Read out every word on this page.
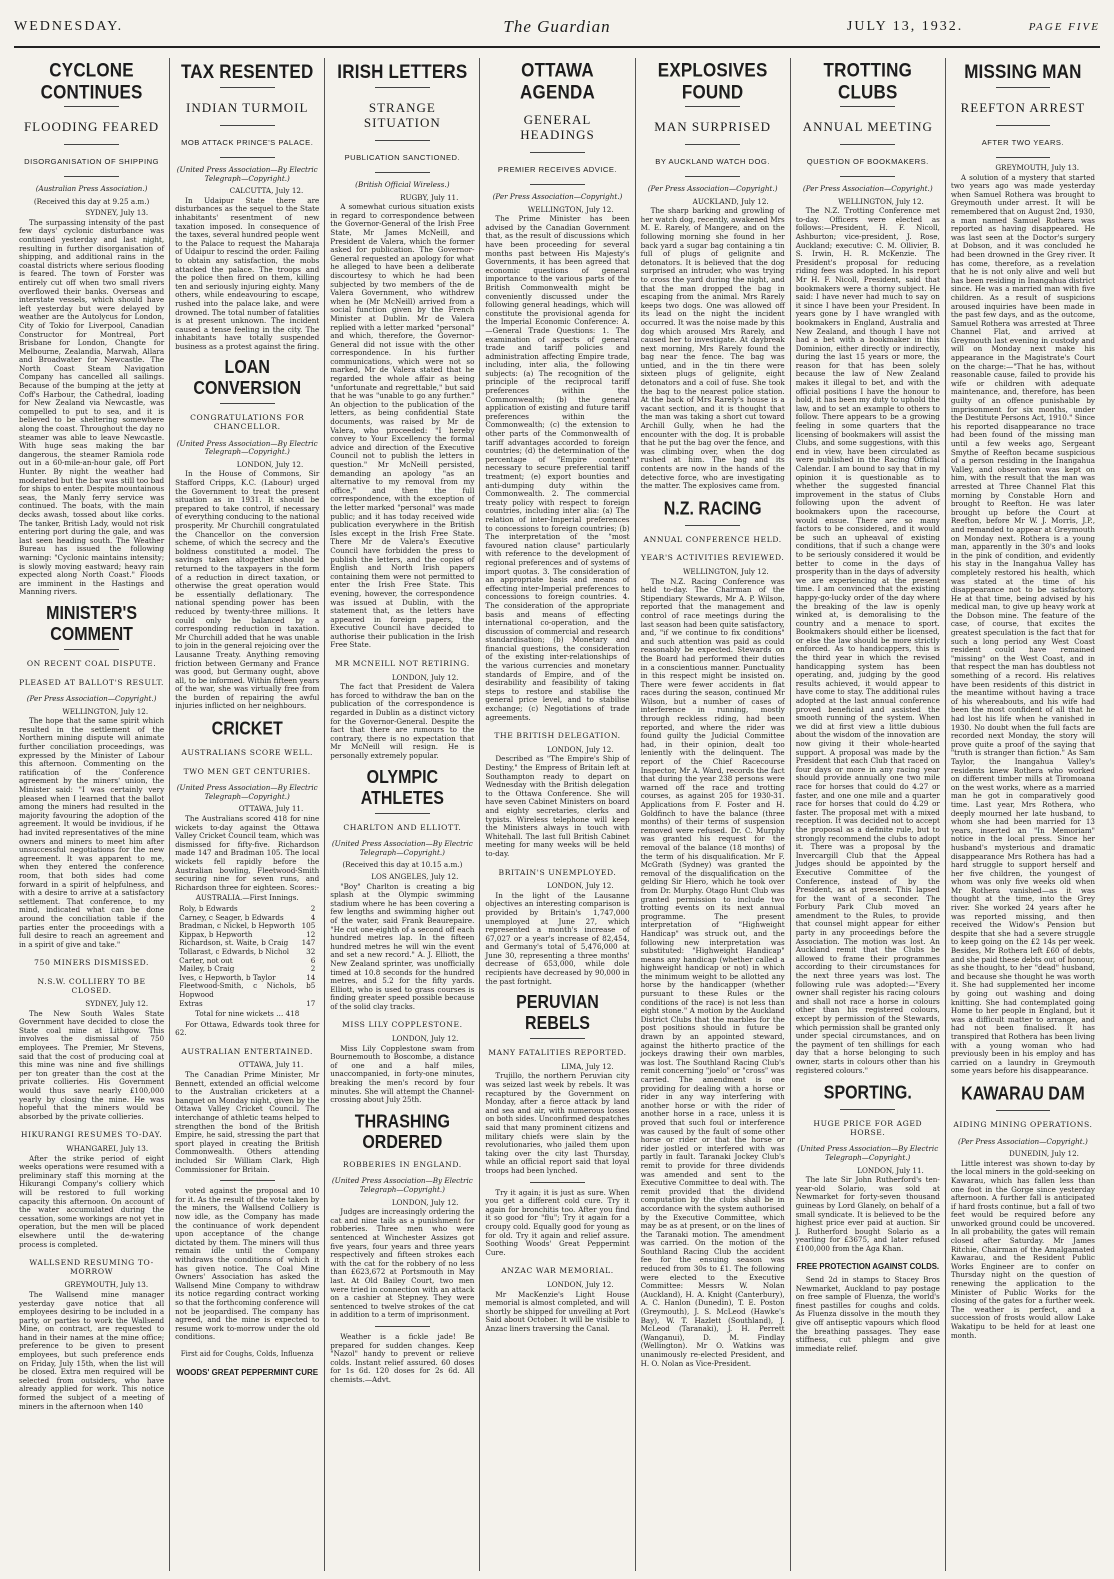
WEDNESDAY.	The Guardian	JULY 13, 1932.	PAGE FIVE
CYCLONE CONTINUES
FLOODING FEARED
DISORGANISATION OF SHIPPING
(Australian Press Association.)
(Received this day at 9.25 a.m.)
SYDNEY, July 13.

The surpassing intensity of the past few days' cyclonic disturbance was continued yesterday and last night, resulting in further disorganisation of shipping, and additional rains in the coastal districts where serious flooding is feared. The town of Forster was entirely cut off when two small rivers overflowed their banks. Overseas and interstate vessels, which should have left yesterday but were delayed by weather are the Autolycus for London, City of Tokio for Liverpool, Canadian Constructor for Montreal, Port Brisbane for London, Changte for Melbourne, Zealandia, Marwah, Allara and Broadwater for Newcastle. The North Coast Steam Navigation Company has cancelled all sailings. Because of the bumping at the jetty at Coff's Harbour, the Cathedral, loading for New Zealand via Newcastle, was compelled to put to sea, and it is believed to be sheltering somewhere along the coast. Throughout the day no steamer was able to leave Newcastle. With huge seas making the bar dangerous, the steamer Ramiola rode out in a 60-mile-an-hour gale, off Port Hunter. By night the weather had moderated but the bar was still too bad for ships to enter. Despite mountainous seas, the Manly ferry service was continued. The boats, with the main decks awash, tossed about like corks. The tanker, British Lady, would not risk entering port during the gale, and was last seen heading south. The Weather Bureau has issued the following warning: "Cyclonic maintains intensity; is slowly moving eastward; heavy rain expected along North Coast." Floods are imminent in the Hastings and Manning rivers.

MINISTER'S COMMENT
ON RECENT COAL DISPUTE.
PLEASED AT BALLOT'S RESULT.
(Per Press Association—Copyright.)
WELLINGTON, July 12.

The hope that the same spirit which resulted in the settlement of the Northern mining dispute will animate further conciliation proceedings, was expressed by the Minister of Labour this afternoon. Commenting on the ratification of the Conference agreement by the miners' union, the Minister said: "I was certainly very pleased when I learned that the ballot among the miners had resulted in the majority favouring the adoption of the agreement. It would be invidious, if he had invited representatives of the mine owners and miners to meet him after unsuccessful negotiations for the new agreement. It was apparent to me, when they entered the conference room, that both sides had come forward in a spirit of helpfulness, and with a desire to arrive at a satisfactory settlement. That conference, to my mind, indicated what can be done around the conciliation table if the parties enter the proceedings with a full desire to reach an agreement and in a spirit of give and take."

750 MINERS DISMISSED.
N.S.W. COLLIERY TO BE CLOSED.
SYDNEY, July 12.

The New South Wales State Government have decided to close the State coal mine at Lithgow. This involves the dismissal of 750 employees. The Premier, Mr Stevens, said that the cost of producing coal at this mine was nine and five shillings per ton greater than the cost at the private collieries. His Government would thus save nearly £100,000 yearly by closing the mine. He was hopeful that the miners would be absorbed by the private collieries.

HIKURANGI RESUMES TO-DAY.
WHANGAREI, July 13.

After the strike period of eight weeks operations were resumed with a preliminary staff this morning at the Hikurangi Company's colliery which will be restored to full working capacity this afternoon. On account of the water accumulated during the cessation, some workings are not yet in operation, but the men will be placed elsewhere until the de-watering process is completed.

WALLSEND RESUMING TO-MORROW
GREYMOUTH, July 13.

The Wallsend mine manager yesterday gave notice that all employees desiring to be included in a party, or parties to work the Wallsend Mine, on contract, are requested to hand in their names at the mine office; preference to be given to present employees, but such preference ends on Friday, July 15th, when the list will be closed. Extra men required will be selected from outsiders, who have already applied for work. This notice formed the subject of a meeting of miners in the afternoon when 140

TAX RESENTED
INDIAN TURMOIL
MOB ATTACK PRINCE'S PALACE.
(United Press Association—By Electric Telegraph—Copyright.)
CALCUTTA, July 12.

In Udaipur State there are disturbances as the sequel to the State inhabitants' resentment of new taxation imposed. In consequence of the taxes, several hundred people went to the Palace to request the Maharaja of Udaipur to rescind the order. Failing to obtain any satisfaction, the mobs attacked the palace. The troops and the police then fired on them, killing ten and seriously injuring eighty. Many others, while endeavouring to escape, rushed into the palace lake, and were drowned. The total number of fatalities is at present unknown. The incident caused a tense feeling in the city. The inhabitants have totally suspended business as a protest against the firing.

LOAN CONVERSION
CONGRATULATIONS FOR CHANCELLOR.
(United Press Association—By Electric Telegraph—Copyright.)
LONDON, July 12.

In the House of Commons, Sir Stafford Cripps, K.C. (Labour) urged the Government to treat the present situation as in 1931. It should be prepared to take control, if necessary of everything conducing to the national prosperity. Mr Churchill congratulated the Chancellor on the conversion scheme, of which the secrecy and the boldness constituted a model. The savings taken altogether should be returned to the taxpayers in the form of a reduction in direct taxation, or otherwise the great operation would be essentially deflationary. The national spending power has been reduced by twenty-three millions. It could only be balanced by a corresponding reduction in taxation. Mr Churchill added that he was unable to join in the general rejoicing over the Lausanne Treaty. Anything removing friction between Germany and France was good, but Germany ought, above all, to be informed. Within fifteen years of the war, she was virtually free from the burden of repairing the awful injuries inflicted on her neighbours.

CRICKET
AUSTRALIANS SCORE WELL.
TWO MEN GET CENTURIES.
(United Press Association—By Electric Telegraph—Copyright.)
OTTAWA, July 11.

The Australians scored 418 for nine wickets to-day against the Ottawa Valley Cricket Council team, which was dismissed for fifty-five. Richardson made 147 and Bradman 105. The local wickets fell rapidly before the Australian bowling, Fleetwood-Smith securing nine for seven runs, and Richardson three for eighteen. Scores:-

AUSTRALIA.—First Innings.
Roly, b Edwards	2
Carney, c Seager, b Edwards	4
Bradman, c Nickel, b Hepworth 105
Kippax, b Hepworth	12
Richardson, st. Waite, b Craig 147
Tollarast, c Edwards, b Nichol 32
Carter, not out	6
Mailey, b Craig	2
Ives, c Hepworth, b Taylor	14
Fleetwood-Smith, c Nichols, b Hopwood
5
Extras	17
Total for nine wickets … 418

For Ottawa, Edwards took three for 62.

AUSTRALIAN ENTERTAINED.
OTTAWA, July 11.

The Canadian Prime Minister, Mr Bennett, extended an official welcome to the Australian cricketers at a banquet on Monday night, given by the Ottawa Valley Cricket Council. The interchange of athletic teams helped to strengthen the bond of the British Empire, he said, stressing the part that sport played in creating the British Commonwealth. Others attending included Sir William Clark, High Commissioner for Britain.

voted against the proposal and 10 for it. As the result of the vote taken by the miners, the Wallsend Colliery is now idle, as the Company has made the continuance of work dependent upon acceptance of the change dictated by them. The miners will thus remain idle until the Company withdraws the conditions of which it has given notice. The Coal Mine Owners' Association has asked the Wallsend Mine Company to withdraw its notice regarding contract working so that the forthcoming conference will not be jeopardised. The company has agreed, and the mine is expected to resume work to-morrow under the old conditions.

First aid for Coughs, Colds, Influenza
WOODS' GREAT PEPPERMINT CURE
IRISH LETTERS
STRANGE SITUATION
PUBLICATION SANCTIONED.
(British Official Wireless.)
RUGBY, July 11.

A somewhat curious situation exists in regard to correspondence between the Governor-General of the Irish Free State, Mr James McNeill, and President de Valera, which the former asked for publication. The Governor-General requested an apology for what he alleged to have been a deliberate discourtesy to which he had been subjected by two members of the de Valera Government, who withdrew when he (Mr McNeill) arrived from a social function given by the French Minister at Dublin. Mr de Valera replied with a letter marked "personal" and which, therefore, the Governor-General did not issue with the other correspondence. In his further communications, which were not so marked, Mr de Valera stated that he regarded the whole affair as being "unfortunate and regrettable," but said that he was "unable to go any further." An objection to the publication of the letters, as being confidential State documents, was raised by Mr de Valera, who proceeded: "I hereby convey to Your Excellency the formal advice and direction of the Executive Council not to publish the letters in question." Mr McNeill persisted, demanding an apology "as an alternative to my removal from my office," and then the full correspondence, with the exception of the letter marked "personal" was made public; and it has today received wide publication everywhere in the British Isles except in the Irish Free State. There Mr de Valera's Executive Council have forbidden the press to publish the letters, and the copies of English and North Irish papers containing them were not permitted to enter the Irish Free State. This evening, however, the correspondence was issued at Dublin, with the statement that, as the letters have appeared in foreign papers, the Executive Council have decided to authorise their publication in the Irish Free State.

MR MCNEILL NOT RETIRING.
LONDON, July 12.

The fact that President de Valera has forced to withdraw the ban on the publication of the correspondence is regarded in Dublin as a distinct victory for the Governor-General. Despite the fact that there are rumours to the contrary, there is no expectation that Mr McNeill will resign. He is personally extremely popular.

OLYMPIC ATHLETES
CHARLTON AND ELLIOTT.
(United Press Association—By Electric Telegraph—Copyright.)
(Received this day at 10.15 a.m.)
LOS ANGELES, July 12.

"Boy" Charlton is creating a big splash at the Olympic swimming stadium where he has been covering a few lengths and swimming higher out of the water, said Frank Beaurepaire. "He cut one-eighth of a second off each hundred metres lap. In the fifteen hundred metres he will win the event and set a new record." A. J. Elliott, the New Zealand sprinter, was unofficially timed at 10.8 seconds for the hundred metres, and 5.2 for the fifty yards. Elliott, who is used to grass courses is finding greater speed possible because of the solid clay tracks.

MISS LILY COPPLESTONE.
LONDON, July 12.

Miss Lily Copplestone swam from Bournemouth to Boscombe, a distance of one and a half miles, unaccompanied, in forty-one minutes, breaking the men's record by four minutes. She will attempt the Channel-crossing about July 25th.

THRASHING ORDERED
ROBBERIES IN ENGLAND.
(United Press Association—By Electric Telegraph—Copyright.)
LONDON, July 12.

Judges are increasingly ordering the cat and nine tails as a punishment for robberies. Three men who were sentenced at Winchester Assizes got five years, four years and three years respectively and fifteen strokes each with the cat for the robbery of no less than £623,672 at Portsmouth in May last. At Old Bailey Court, two men were tried in connection with an attack on a cashier at Stepney. They were sentenced to twelve strokes of the cat in addition to a term of imprisonment.

Weather is a fickle jade! Be prepared for sudden changes. Keep "Nazol" handy to prevent or relieve colds. Instant relief assured. 60 doses for 1s 6d. 120 doses for 2s 6d. All chemists.—Advt.

OTTAWA AGENDA
GENERAL HEADINGS
PREMIER RECEIVES ADVICE.
(Per Press Association—Copyright.)
WELLINGTON, July 12.

The Prime Minister has been advised by the Canadian Government that, as the result of discussions which have been proceeding for several months past between His Majesty's Governments, it has been agreed that economic questions of general importance to the various parts of the British Commonwealth might be conveniently discussed under the following general headings, which will constitute the provisional agenda for the Imperial Economic Conference: A.—General Trade Questions: 1. The examination of aspects of general trade and tariff policies and administration affecting Empire trade, including, inter alia, the following subjects: (a) The recognition of the principle of the reciprocal tariff preferences within the Commonwealth; (b) the general application of existing and future tariff preferences within the Commonwealth; (c) the extension to other parts of the Commonwealth of tariff advantages accorded to foreign countries; (d) the determination of the percentage of "Empire content" necessary to secure preferential tariff treatment; (e) export bounties and anti-dumping duty within the Commonwealth. 2. The commercial treaty policy with respect to foreign countries, including inter alia: (a) The relation of inter-Imperial preferences to concessions to foreign countries; (b) The interpretation of the "most favoured nation clause" particularly with reference to the development of regional preferences and of systems of import quotas. 3. The consideration of an appropriate basis and means of effecting inter-Imperial preferences to concessions to foreign countries. 4. The consideration of the appropriate basis and means of effecting international co-operation, and the discussion of commercial and research standardisation; (b) Monetary and financial questions, the consideration of the existing inter-relationships of the various currencies and monetary standards of Empire, and of the desirability and feasibility of taking steps to restore and stabilise the general price level, and to stabilise exchange; (c) Negotiations of trade agreements.

THE BRITISH DELEGATION.
LONDON, July 12.

Described as "The Empire's Ship of Destiny," the Empress of Britain left at Southampton ready to depart on Wednesday with the British delegation to the Ottawa Conference. She will have seven Cabinet Ministers on board and eighty secretaries, clerks and typists. Wireless telephone will keep the Ministers always in touch with Whitehall. The last full British Cabinet meeting for many weeks will be held to-day.

BRITAIN'S UNEMPLOYED.
LONDON, July 12.

In the light of the Lausanne objectives an interesting comparison is provided by Britain's 1,747,000 unemployed at June 27, which represented a month's increase of 67,027 or a year's increase of 82,454, and Germany's total of 5,476,000 at June 30, representing a three months' decrease of 653,000, while dole recipients have decreased by 90,000 in the past fortnight.

PERUVIAN REBELS
MANY FATALITIES REPORTED.
LIMA, July 12.

Trujillo, the northern Peruvian city was seized last week by rebels. It was recaptured by the Government on Monday, after a fierce attack by land and sea and air, with numerous losses on both sides. Unconfirmed despatches said that many prominent citizens and military chiefs were slain by the revolutionaries, who jailed them upon taking over the city last Thursday, while an official report said that loyal troops had been lynched.

Try it again; it is just as sure. When you get a different cold cure. Try it again for bronchitis too. After you find it so good for "flu"; Try it again for a croupy cold. Equally good for young as for old. Try it again and relief assure. Soothing Woods' Great Peppermint Cure.

ANZAC WAR MEMORIAL.
LONDON, July 12.

Mr MacKenzie's Light House memorial is almost completed, and will shortly be shipped for unveiling at Port Said about October. It will be visible to Anzac liners traversing the Canal.

EXPLOSIVES FOUND
MAN SURPRISED
BY AUCKLAND WATCH DOG.
(Per Press Association—Copyright.)
AUCKLAND, July 12.

The sharp barking and growling of her watch dog, recently, awakened Mrs M. E. Rarely, of Mangere, and on the following morning she found in her back yard a sugar bag containing a tin full of plugs of gelignite and detonators. It is believed that the dog surprised an intruder, who was trying to cross the yard during the night, and that the man dropped the bag in escaping from the animal. Mrs Rarely keeps two dogs. One was allowed off its lead on the night the incident occurred. It was the noise made by this dog which aroused Mrs Rarely, and caused her to investigate. At daybreak next morning, Mrs Rarely found the bag near the fence. The bag was untied, and in the tin there were sixteen plugs of gelignite, eight detonators and a coil of fuse. She took the bag to the nearest police station. At the back of Mrs Rarely's house is a vacant section, and it is thought that the man was taking a short cut toward Archill Gully, when he had the encounter with the dog. It is probable that he put the bag over the fence, and was climbing over, when the dog rushed at him. The bag and its contents are now in the hands of the detective force, who are investigating the matter. The explosives came from.

N.Z. RACING
ANNUAL CONFERENCE HELD.
YEAR'S ACTIVITIES REVIEWED.
WELLINGTON, July 12.

The N.Z. Racing Conference was held to-day. The Chairman of the Stipendiary Stewards, Mr A. P. Wilson, reported that the management and control of race meetings during the last season had been quite satisfactory, and, "if we continue to fix conditions" and such attention was paid as could reasonably be expected. Stewards on the Board had performed their duties in a conscientious manner. Punctuality in this respect might be insisted on. There were fewer accidents in flat races during the season, continued Mr Wilson, but a number of cases of interference in running, mostly through reckless riding, had been reported, and where the rider was found guilty the Judicial Committee had, in their opinion, dealt too leniently with the delinquent. The report of the Chief Racecourse Inspector, Mr A. Ward, records the fact that during the year 238 persons were warned off the race and trotting courses, as against 205 for 1930-31. Applications from F. Foster and H. Goldfinch to have the balance (three months) of their terms of suspension removed were refused. Dr. C. Murphy was granted his request for the removal of the balance (18 months) of the term of his disqualification. Mr F. McGrath (Sydney) was granted the removal of the disqualification on the gelding Sir Hiero, which he took over from Dr. Murphy. Otago Hunt Club was granted permission to include two trotting events on its next annual programme. The present interpretation of "Highweight Handicap" was struck out, and the following new interpretation was substituted: "Highweight Handicap" means any handicap (whether called a highweight handicap or not) in which the minimum weight to be allotted any horse by the handicapper (whether pursuant to these Rules or the conditions of the race) is not less than eight stone." A motion by the Auckland District Clubs that the marbles for the post positions should in future be drawn by an appointed steward, against the hitherto practice of the jockeys drawing their own marbles, was lost. The Southland Racing Club's remit concerning "joelo" or "cross" was carried. The amendment is one providing for dealing with a horse or rider in any way interfering with another horse or with the rider of another horse in a race, unless it is proved that such foul or interference was caused by the fault of some other horse or rider or that the horse or rider jostled or interfered with was partly in fault. Taranaki Jockey Club's remit to provide for three dividends was amended and sent to the Executive Committee to deal with. The remit provided that the dividend computation by the clubs shall be in accordance with the system authorised by the Executive Committee, which may be as at present, or on the lines of the Taranaki motion. The amendment was carried. On the motion of the Southland Racing Club the accident fee for the ensuing season was reduced from 30s to £1. The following were elected to the Executive Committee: Messrs W. Nolan (Auckland), H. A. Knight (Canterbury), A. C. Hanlon (Dunedin), T. E. Poston (Greymouth), J. S. McLeod (Hawke's Bay), W. T. Hazlett (Southland), J. McLeod (Taranaki), J. H. Perrett (Wanganui), D. M. Findlay (Wellington). Mr O. Watkins was unanimously re-elected President, and H. O. Nolan as Vice-President.

TROTTING CLUBS
ANNUAL MEETING
QUESTION OF BOOKMAKERS.
(Per Press Association—Copyright.)
WELLINGTON, July 12.

The N.Z. Trotting Conference met to-day. Officers were elected as follows:—President, H. F. Nicoll, Ashburton; vice-president, J. Rose, Auckland; executive: C. M. Ollivier, B. S. Irwin, H. R. McKenzie. The President's proposal for reducing riding fees was adopted. In his report Mr H. F. Nicoll, President, said that bookmakers were a thorny subject. He said: I have never had much to say on it since I have been your President. In years gone by I have wrangled with bookmakers in England, Australia and New Zealand, and though I have not had a bet with a bookmaker in this Dominion, either directly or indirectly, during the last 15 years or more, the reason for that has been solely because the law of New Zealand makes it illegal to bet, and with the official positions I have the honour to hold, it has been my duty to uphold the law, and to set an example to others to follow. There appears to be a growing feeling in some quarters that the licensing of bookmakers will assist the Clubs, and some suggestions, with this end in view, have been circulated as were published in the Racing Official Calendar. I am bound to say that in my opinion it is questionable as to whether the suggested financial improvement in the status of Clubs following upon the advent of bookmakers upon the racecourse, would ensue. There are so many factors to be considered, and it would be such an upheaval of existing conditions, that if such a change were to be seriously considered it would be better to come in the days of prosperity than in the days of adversity we are experiencing at the present time. I am convinced that the existing happy-go-lucky order of the day where the breaking of the law is openly winked at, is demoralising to the country and a menace to sport. Bookmakers should either be licensed, or else the law should be more strictly enforced. As to handicappers, this is the third year in which the revised handicapping system has been operating, and, judging by the good results achieved, it would appear to have come to stay. The additional rules adopted at the last annual conference proved beneficial and assisted the smooth running of the system. When we did at first view a little dubious about the wisdom of the innovation are now giving it their whole-hearted support. A proposal was made by the President that each Club that raced on four days or more in any racing year should provide annually one two mile race for horses that could do 4.27 or faster, and one one mile and a quarter race for horses that could do 4.29 or faster. The proposal met with a mixed reception. It was decided not to accept the proposal as a definite rule, but to strongly recommend the clubs to adopt it. There was a proposal by the Invercargill Club that the Appeal Judges should be appointed by the Executive Committee of the Conference, instead of by the President, as at present. This lapsed for the want of a seconder. The Forbury Park Club moved an amendment to the Rules, to provide that counsel might appear for either party in any proceedings before the Association. The motion was lost. An Auckland remit that the Clubs be allowed to frame their programmes according to their circumstances for the next three years was lost. The following rule was adopted:—"Every owner shall register his racing colours and shall not race a horse in colours other than his registered colours, except by permission of the Stewards, which permission shall be granted only under special circumstances, and on the payment of ten shillings for each day that a horse belonging to such owner, starts in colours other than his registered colours."

SPORTING.
HUGE PRICE FOR AGED HORSE.
(United Press Association—By Electric Telegraph—Copyright.)
LONDON, July 11.

The late Sir John Rutherford's ten-year-old Solario, was sold at Newmarket for forty-seven thousand guineas by Lord Glanely, on behalf of a small syndicate. It is believed to be the highest price ever paid at auction. Sir J. Rutherford bought Solario as a yearling for £3675, and later refused £100,000 from the Aga Khan.

FREE PROTECTION AGAINST COLDS.

Send 2d in stamps to Stacey Bros Newmarket, Auckland to pay postage on free sample of Fluenza, the world's finest pastilles for coughs and colds. As Fluenza dissolve in the mouth they give off antiseptic vapours which flood the breathing passages. They ease stiffness, cut phlegm and give immediate relief.

MISSING MAN
REEFTON ARREST
AFTER TWO YEARS.
GREYMOUTH, July 13.

A solution of a mystery that started two years ago was made yesterday when Samuel Rothera was brought to Greymouth under arrest. It will be remembered that on August 2nd, 1930, a man named Samuel Rothera was reported as having disappeared. He was last seen at the Doctor's surgery at Dobson, and it was concluded he had been drowned in the Grey river. It has come, therefore, as a revelation that he is not only alive and well but has been residing in Inangahua district since. He was a married man with five children. As a result of suspicions aroused inquiries have been made in the past few days, and as the outcome, Samuel Rothera was arrested at Three Channel Flat, and arrived at Greymouth last evening in custody and will on Monday next make his appearance in the Magistrate's Court on the charge:—"That he has, without reasonable cause, failed to provide his wife or children with adequate maintenance, and, therefore, has been guilty of an offence punishable by imprisonment for six months, under the Destitute Persons Act, 1910." Since his reported disappearance no trace had been found of the missing man until a few weeks ago, Sergeant Smythe of Reefton became suspicious of a person residing in the Inangahua Valley, and observation was kept on him, with the result that the man was arrested at Three Channel Flat this morning by Constable Horn and brought to Reefton. He was later brought up before the Court at Reefton, before Mr W. J. Morris, J.P., and remanded to appear at Greymouth on Monday next. Rothera is a young man, apparently in the 30's and looks in the pink of condition, and evidently his stay in the Inangahua Valley has completely restored his health, which was stated at the time of his disappearance not to be satisfactory. He at that time, being advised by his medical man, to give up heavy work at the Dobson mine. The feature of the case, of course, that excites the greatest speculation is the fact that for such a long period any West Coast resident could have remained "missing" on the West Coast, and in that respect the man has doubtless not something of a record. His relatives have been residents of this district in the meantime without having a trace of his whereabouts, and his wife had been the most confident of all that he had lost his life when he vanished in 1930. No doubt when the full facts are recorded next Monday, the story will prove quite a proof of the saying that "truth is stranger than fiction." As Sam Taylor, the Inangahua Valley's residents knew Rothera who worked on different timber mills at Tiromoana on the west works, where as a married man he got in comparatively good time. Last year, Mrs Rothera, who deeply mourned her late husband, to whom she had been married for 13 years, inserted an "In Memoriam" notice in the local press. Since her husband's mysterious and dramatic disappearance Mrs Rothera has had a hard struggle to support herself and her five children, the youngest of whom was only five weeks old when Mr Rothera vanished—as it was thought at the time, into the Grey river. She worked 24 years after he was reported missing, and then received the Widow's Pension but despite that she had a severe struggle to keep going on the £2 14s per week. Besides, Mr Rothera left £60 of debts, and she paid these debts out of honour, as she thought, to her "dead" husband, and because she thought he was worth it. She had supplemented her income by going out washing and doing knitting. She had contemplated going Home to her people in England, but it was a difficult matter to arrange, and had not been finalised. It has transpired that Rothera has been living with a young woman who had previously been in his employ and has carried on a laundry in Greymouth some years before his disappearance.

KAWARAU DAM
AIDING MINING OPERATIONS.
(Per Press Association—Copyright.)
DUNEDIN, July 12.

Little interest was shown to-day by the local miners in the gold-seeking on Kawarau, which has fallen less than one foot in the Gorge since yesterday afternoon. A further fall is anticipated if hard frosts continue, but a fall of two feet would be required before any unworked ground could be uncovered. In all probability, the gates will remain closed after Saturday. Mr James Ritchie, Chairman of the Amalgamated Kawarau, and the Resident Public Works Engineer are to confer on Thursday night on the question of renewing the application to the Minister of Public Works for the closing of the gates for a further week. The weather is perfect, and a succession of frosts would allow Lake Wakatipu to be held for at least one month.
